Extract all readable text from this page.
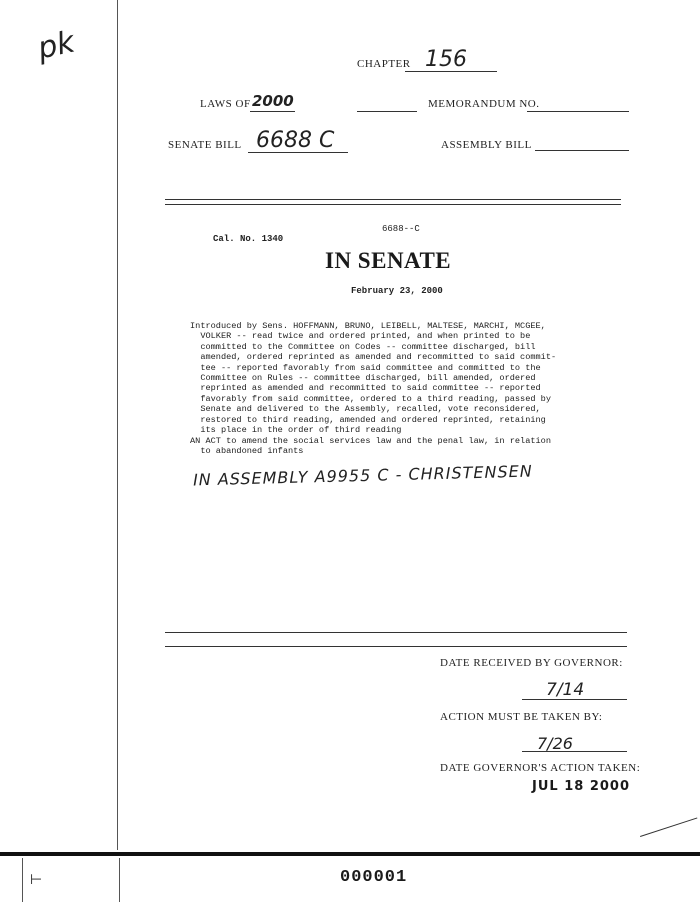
pk	CHAPTER 156
LAWS OF 2000	MEMORANDUM NO.
SENATE BILL 6688 C	ASSEMBLY BILL
6688--C
Cal. No. 1340
IN SENATE
February 23, 2000
Introduced by Sens. HOFFMANN, BRUNO, LEIBELL, MALTESE, MARCHI, MCGEE,
VOLKER -- read twice and ordered printed, and when printed to be
committed to the Committee on Codes -- committee discharged, bill
amended, ordered reprinted as amended and recommitted to said commit-
tee -- reported favorably from said committee and committed to the
Committee on Rules -- committee discharged, bill amended, ordered
reprinted as amended and recommitted to said committee -- reported
favorably from said committee, ordered to a third reading, passed by
Senate and delivered to the Assembly, recalled, vote reconsidered,
restored to third reading, amended and ordered reprinted, retaining
its place in the order of third reading
AN ACT to amend the social services law and the penal law, in relation
to abandoned infants
IN ASSEMBLY A9955 C - CHRISTENSEN
DATE RECEIVED BY GOVERNOR:
7/14
ACTION MUST BE TAKEN BY:
7/26
DATE GOVERNOR'S ACTION TAKEN:
JUL 18 2000
⊢	000001
